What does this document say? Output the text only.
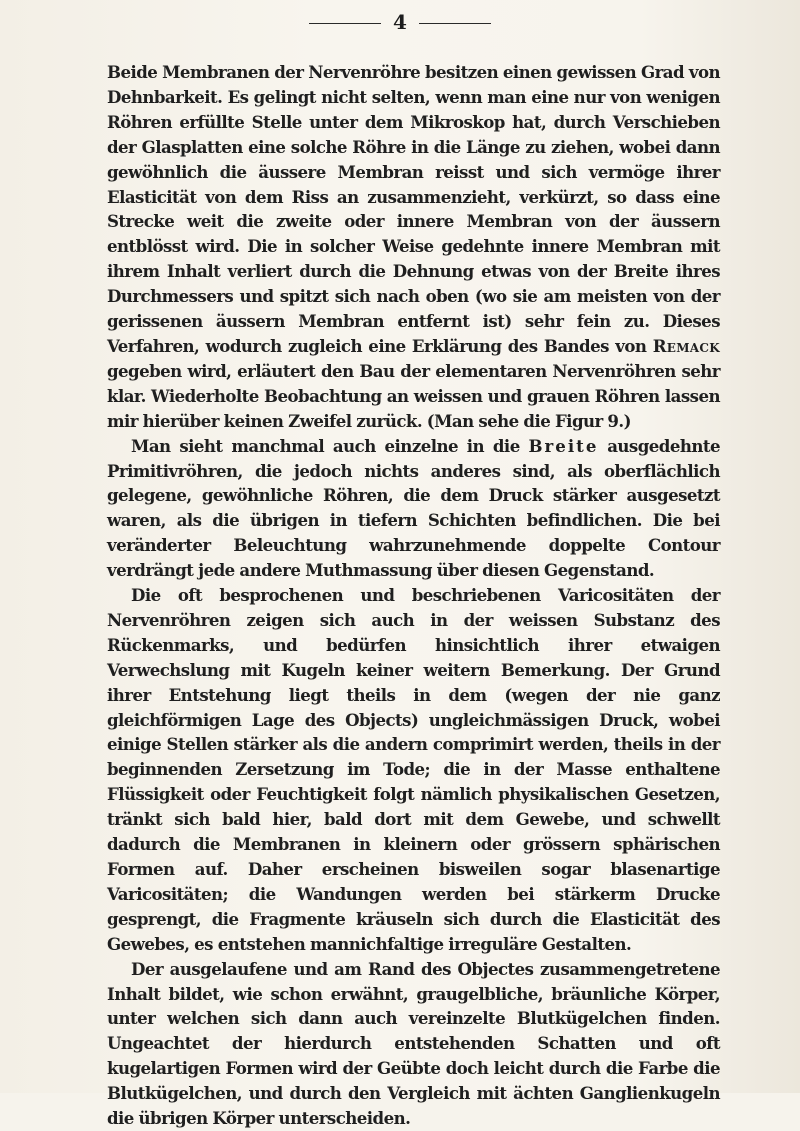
4

Beide Membranen der Nervenröhre besitzen einen gewissen Grad von Dehnbarkeit. Es gelingt nicht selten, wenn man eine nur von wenigen Röhren erfüllte Stelle unter dem Mikroskop hat, durch Verschieben der Glasplatten eine solche Röhre in die Länge zu ziehen, wobei dann gewöhnlich die äussere Membran reisst und sich vermöge ihrer Elasticität von dem Riss an zusammenzieht, verkürzt, so dass eine Strecke weit die zweite oder innere Membran von der äussern entblösst wird. Die in solcher Weise gedehnte innere Membran mit ihrem Inhalt verliert durch die Dehnung etwas von der Breite ihres Durchmessers und spitzt sich nach oben (wo sie am meisten von der gerissenen äussern Membran entfernt ist) sehr fein zu. Dieses Verfahren, wodurch zugleich eine Erklärung des Bandes von Remack gegeben wird, erläutert den Bau der elementaren Nervenröhren sehr klar. Wiederholte Beobachtung an weissen und grauen Röhren lassen mir hierüber keinen Zweifel zurück. (Man sehe die Figur 9.)

Man sieht manchmal auch einzelne in die Breite ausgedehnte Primitivröhren, die jedoch nichts anderes sind, als oberflächlich gelegene, gewöhnliche Röhren, die dem Druck stärker ausgesetzt waren, als die übrigen in tiefern Schichten befindlichen. Die bei veränderter Beleuchtung wahrzunehmende doppelte Contour verdrängt jede andere Muthmassung über diesen Gegenstand.

Die oft besprochenen und beschriebenen Varicositäten der Nervenröhren zeigen sich auch in der weissen Substanz des Rückenmarks, und bedürfen hinsichtlich ihrer etwaigen Verwechslung mit Kugeln keiner weitern Bemerkung. Der Grund ihrer Entstehung liegt theils in dem (wegen der nie ganz gleichförmigen Lage des Objects) ungleichmässigen Druck, wobei einige Stellen stärker als die andern comprimirt werden, theils in der beginnenden Zersetzung im Tode; die in der Masse enthaltene Flüssigkeit oder Feuchtigkeit folgt nämlich physikalischen Gesetzen, tränkt sich bald hier, bald dort mit dem Gewebe, und schwellt dadurch die Membranen in kleinern oder grössern sphärischen Formen auf. Daher erscheinen bisweilen sogar blasenartige Varicositäten; die Wandungen werden bei stärkerm Drucke gesprengt, die Fragmente kräuseln sich durch die Elasticität des Gewebes, es entstehen mannichfaltige irreguläre Gestalten.

Der ausgelaufene und am Rand des Objectes zusammengetretene Inhalt bildet, wie schon erwähnt, graugelbliche, bräunliche Körper, unter welchen sich dann auch vereinzelte Blutkügelchen finden. Ungeachtet der hierdurch entstehenden Schatten und oft kugelartigen Formen wird der Geübte doch leicht durch die Farbe die Blutkügelchen, und durch den Vergleich mit ächten Ganglienkugeln die übrigen Körper unterscheiden.
